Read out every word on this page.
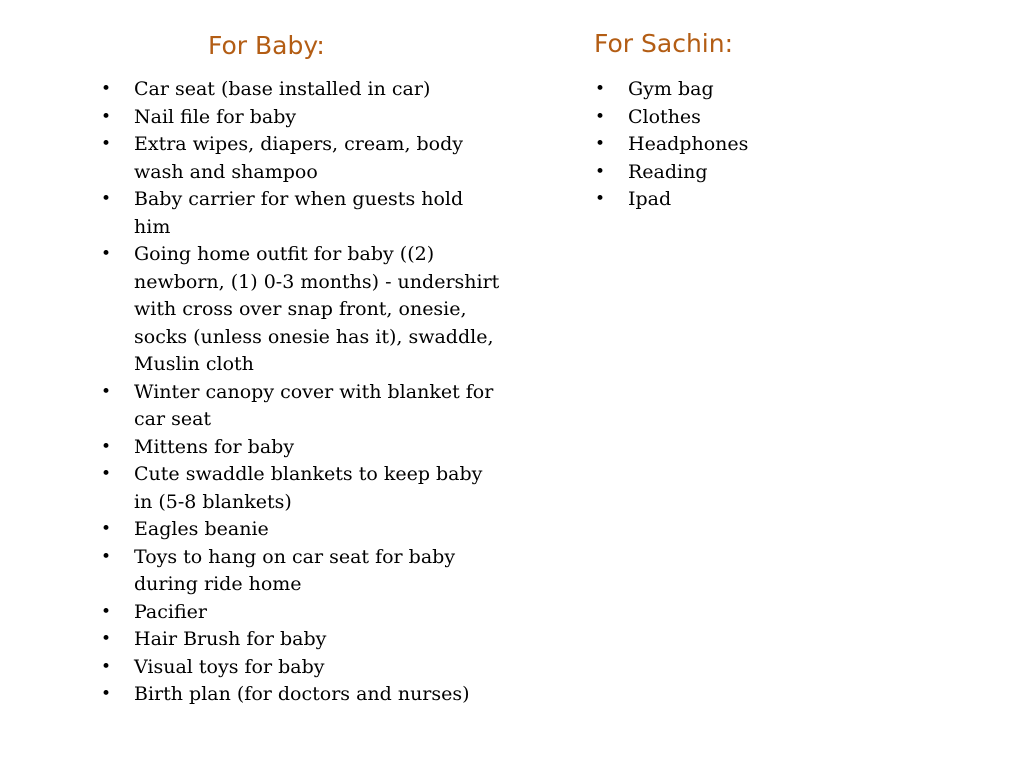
For Baby:
• Car seat (base installed in car)
• Nail file for baby
• Extra wipes, diapers, cream, body wash and shampoo
• Baby carrier for when guests hold him
• Going home outfit for baby ((2) newborn, (1) 0-3 months) - undershirt with cross over snap front, onesie, socks (unless onesie has it), swaddle, Muslin cloth
• Winter canopy cover with blanket for car seat
• Mittens for baby
• Cute swaddle blankets to keep baby in (5-8 blankets)
• Eagles beanie
• Toys to hang on car seat for baby during ride home
• Pacifier
• Hair Brush for baby
• Visual toys for baby
• Birth plan (for doctors and nurses)
For Sachin:
• Gym bag
• Clothes
• Headphones
• Reading
• Ipad
